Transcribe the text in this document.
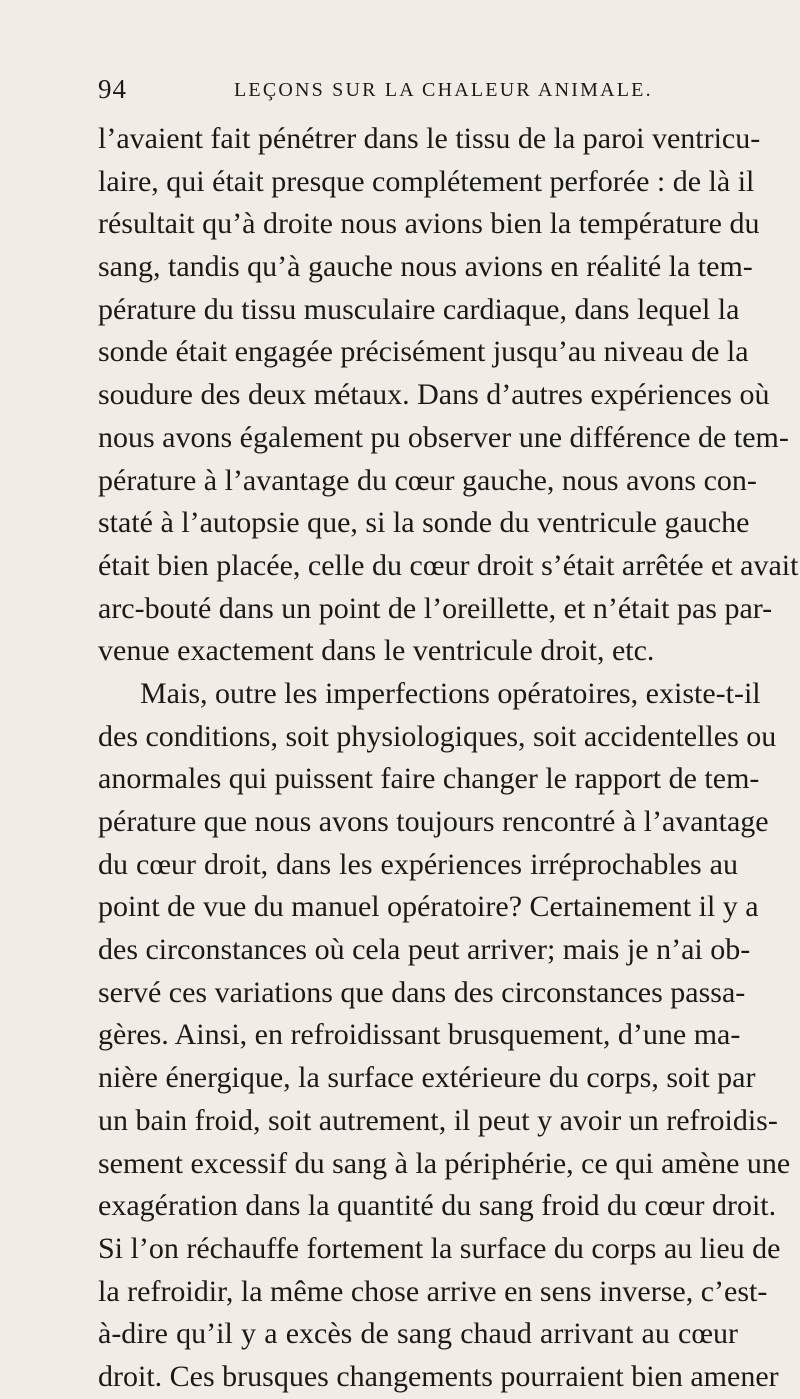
94	LEÇONS SUR LA CHALEUR ANIMALE.
l’avaient fait pénétrer dans le tissu de la paroi ventricu-
laire, qui était presque complétement perforée : de là il
résultait qu’à droite nous avions bien la température du
sang, tandis qu’à gauche nous avions en réalité la tem-
pérature du tissu musculaire cardiaque, dans lequel la
sonde était engagée précisément jusqu’au niveau de la
soudure des deux métaux. Dans d’autres expériences où
nous avons également pu observer une différence de tem-
pérature à l’avantage du cœur gauche, nous avons con-
staté à l’autopsie que, si la sonde du ventricule gauche
était bien placée, celle du cœur droit s’était arrêtée et avait
arc-bouté dans un point de l’oreillette, et n’était pas par-
venue exactement dans le ventricule droit, etc.
Mais, outre les imperfections opératoires, existe-t-il
des conditions, soit physiologiques, soit accidentelles ou
anormales qui puissent faire changer le rapport de tem-
pérature que nous avons toujours rencontré à l’avantage
du cœur droit, dans les expériences irréprochables au
point de vue du manuel opératoire? Certainement il y a
des circonstances où cela peut arriver; mais je n’ai ob-
servé ces variations que dans des circonstances passa-
gères. Ainsi, en refroidissant brusquement, d’une ma-
nière énergique, la surface extérieure du corps, soit par
un bain froid, soit autrement, il peut y avoir un refroidis-
sement excessif du sang à la périphérie, ce qui amène une
exagération dans la quantité du sang froid du cœur droit.
Si l’on réchauffe fortement la surface du corps au lieu de
la refroidir, la même chose arrive en sens inverse, c’est-
à-dire qu’il y a excès de sang chaud arrivant au cœur
droit. Ces brusques changements pourraient bien amener
